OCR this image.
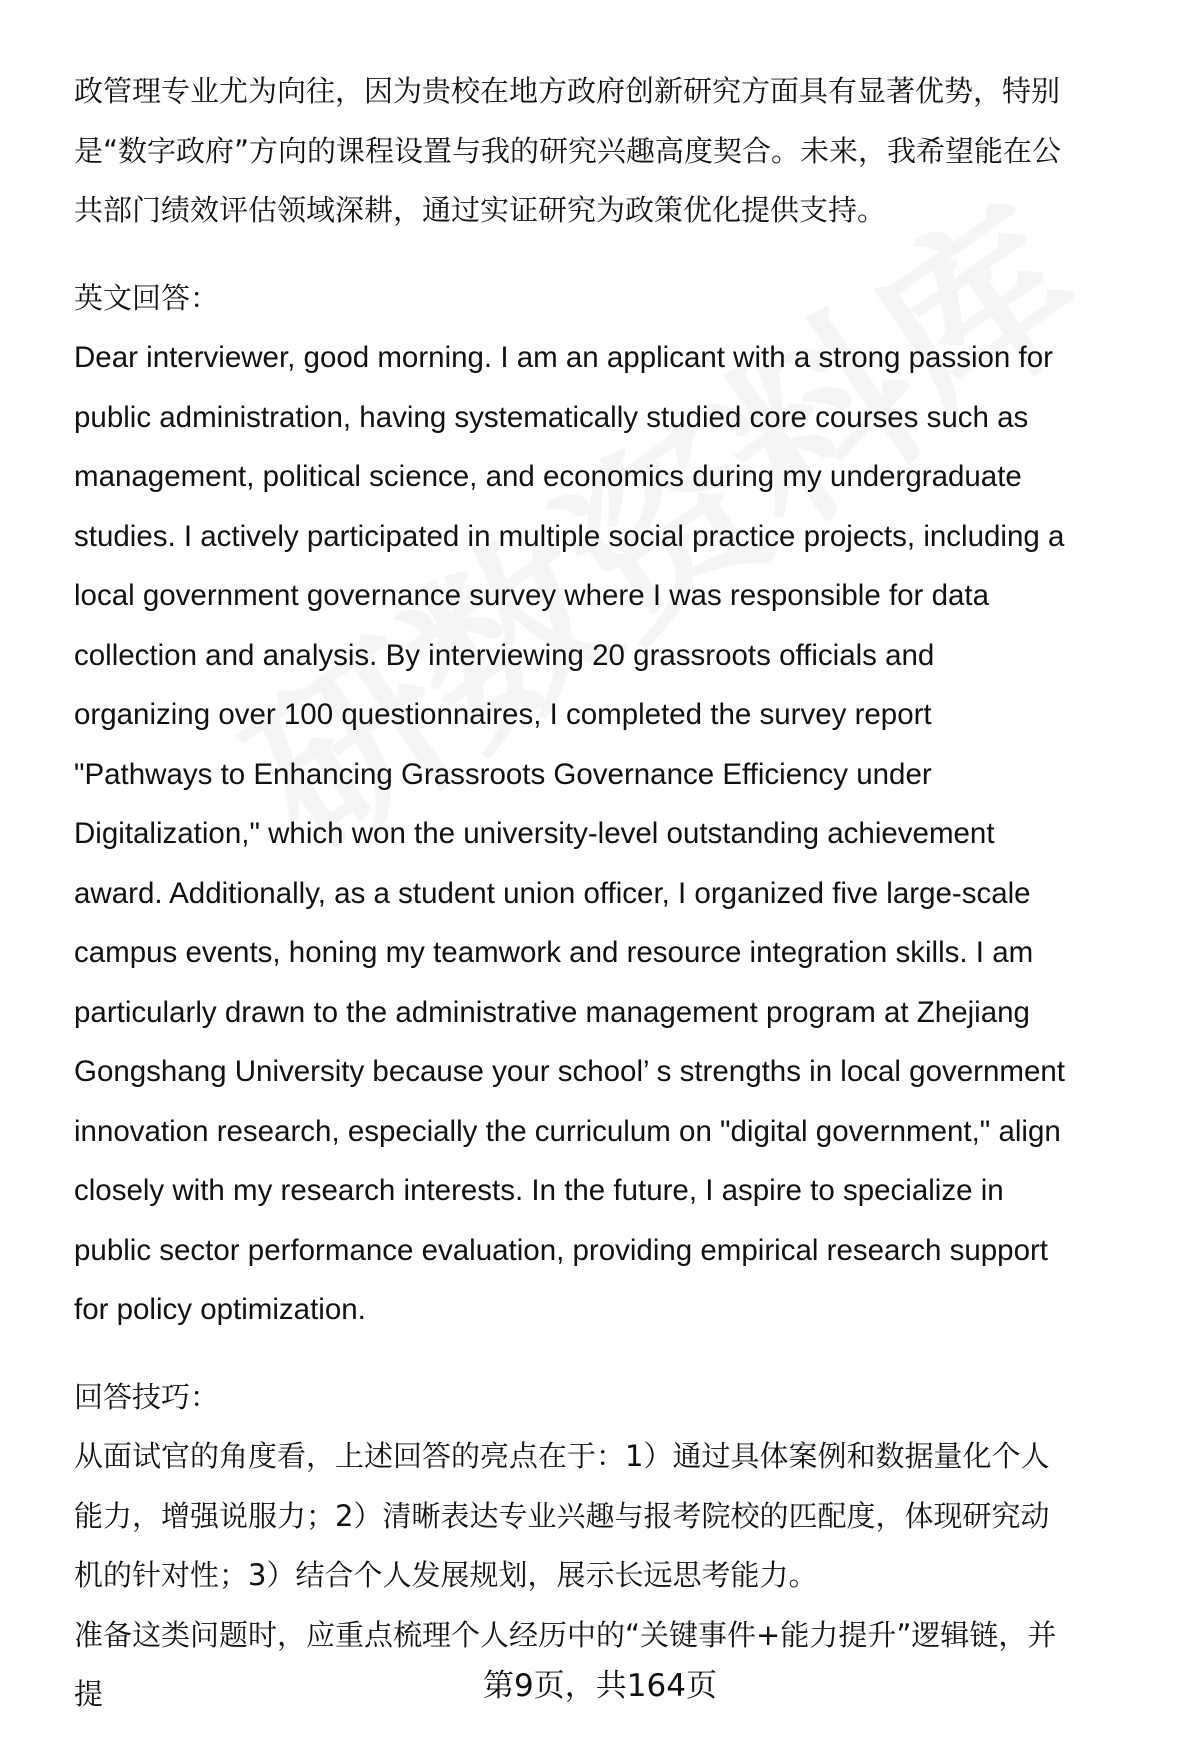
政管理专业尤为向往，因为贵校在地方政府创新研究方面具有显著优势，特别是“数字政府”方向的课程设置与我的研究兴趣高度契合。未来，我希望能在公共部门绩效评估领域深耕，通过实证研究为政策优化提供支持。

英文回答：

Dear interviewer, good morning. I am an applicant with a strong passion for public administration, having systematically studied core courses such as management, political science, and economics during my undergraduate studies. I actively participated in multiple social practice projects, including a local government governance survey where I was responsible for data collection and analysis. By interviewing 20 grassroots officials and organizing over 100 questionnaires, I completed the survey report "Pathways to Enhancing Grassroots Governance Efficiency under Digitalization," which won the university-level outstanding achievement award. Additionally, as a student union officer, I organized five large-scale campus events, honing my teamwork and resource integration skills. I am particularly drawn to the administrative management program at Zhejiang Gongshang University because your school’ s strengths in local government innovation research, especially the curriculum on "digital government," align closely with my research interests. In the future, I aspire to specialize in public sector performance evaluation, providing empirical research support for policy optimization.

回答技巧：

从面试官的角度看，上述回答的亮点在于：1）通过具体案例和数据量化个人能力，增强说服力；2）清晰表达专业兴趣与报考院校的匹配度，体现研究动机的针对性；3）结合个人发展规划，展示长远思考能力。

准备这类问题时，应重点梳理个人经历中的“关键事件+能力提升”逻辑链，并提	第9页，共164页
